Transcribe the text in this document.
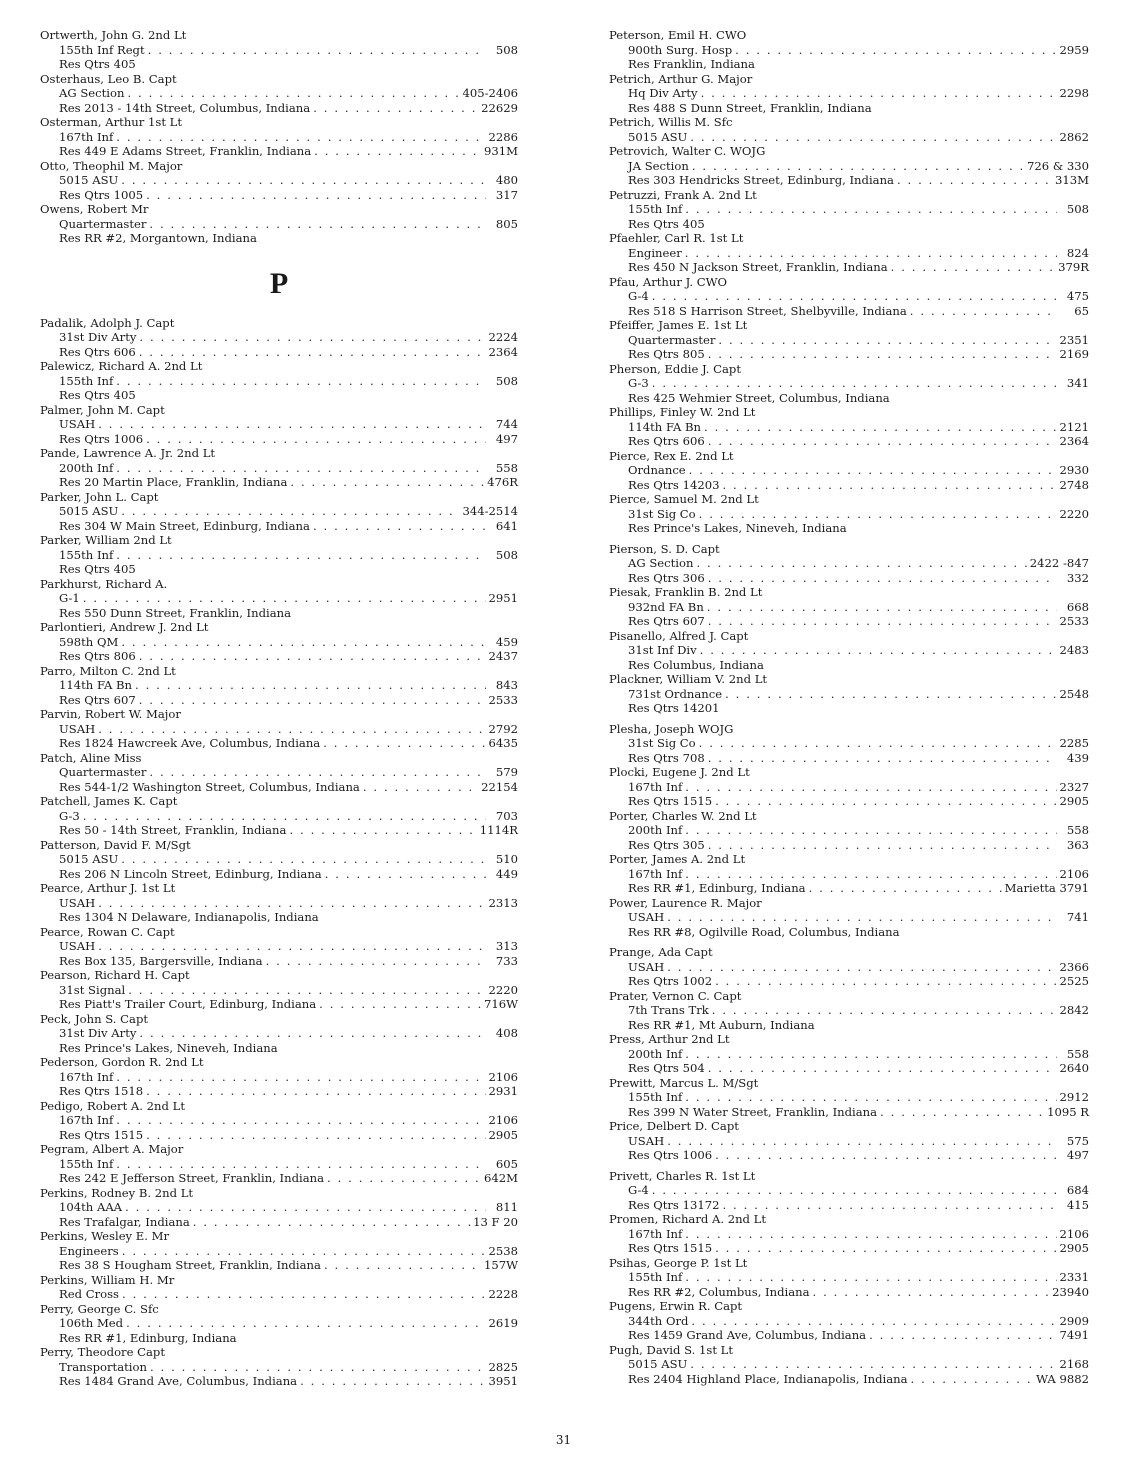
Ortwerth, John G. 2nd Lt
155th Inf Regt . . .	508
Res Qtrs 405
Osterhaus, Leo B. Capt
AG Section . . .	405-2406
Res 2013 - 14th Street, Columbus, Indiana . . .	22629
Osterman, Arthur 1st Lt
167th Inf . . .	2286
Res 449 E Adams Street, Franklin, Indiana . . .	931M
Otto, Theophil M. Major
5015 ASU . . .	480
Res Qtrs 1005 . . .	317
Owens, Robert Mr
Quartermaster . . .	805
Res RR #2, Morgantown, Indiana
P
Padalik, Adolph J. Capt
31st Div Arty . . .	2224
Res Qtrs 606 . . .	2364
Palewicz, Richard A. 2nd Lt
155th Inf . . .	508
Res Qtrs 405
Palmer, John M. Capt
USAH . . .	744
Res Qtrs 1006 . . .	497
Pande, Lawrence A. Jr. 2nd Lt
200th Inf . . .	558
Res 20 Martin Place, Franklin, Indiana . . .	476R
Parker, John L. Capt
5015 ASU . . .	344-2514
Res 304 W Main Street, Edinburg, Indiana . . .	641
Parker, William 2nd Lt
155th Inf . . .	508
Res Qtrs 405
Parkhurst, Richard A.
G-1 . . .	2951
Res 550 Dunn Street, Franklin, Indiana
Parlontieri, Andrew J. 2nd Lt
598th QM . . .	459
Res Qtrs 806 . . .	2437
Parro, Milton C. 2nd Lt
114th FA Bn . . .	843
Res Qtrs 607 . . .	2533
Parvin, Robert W. Major
USAH . . .	2792
Res 1824 Hawcreek Ave, Columbus, Indiana . . .	6435
Patch, Aline Miss
Quartermaster . . .	579
Res 544-1/2 Washington Street, Columbus, Indiana . . .	22154
Patchell, James K. Capt
G-3 . . .	703
Res 50 - 14th Street, Franklin, Indiana . . .	1114R
Patterson, David F. M/Sgt
5015 ASU . . .	510
Res 206 N Lincoln Street, Edinburg, Indiana . . .	449
Pearce, Arthur J. 1st Lt
USAH . . .	2313
Res 1304 N Delaware, Indianapolis, Indiana
Pearce, Rowan C. Capt
USAH . . .	313
Res Box 135, Bargersville, Indiana . . .	733
Pearson, Richard H. Capt
31st Signal . . .	2220
Res Piatt's Trailer Court, Edinburg, Indiana . . .	716W
Peck, John S. Capt
31st Div Arty . . .	408
Res Prince's Lakes, Nineveh, Indiana
Pederson, Gordon R. 2nd Lt
167th Inf . . .	2106
Res Qtrs 1518 . . .	2931
Pedigo, Robert A. 2nd Lt
167th Inf . . .	2106
Res Qtrs 1515 . . .	2905
Pegram, Albert A. Major
155th Inf . . .	605
Res 242 E Jefferson Street, Franklin, Indiana . . .	642M
Perkins, Rodney B. 2nd Lt
104th AAA . . .	811
Res Trafalgar, Indiana . . .	13 F 20
Perkins, Wesley E. Mr
Engineers . . .	2538
Res 38 S Hougham Street, Franklin, Indiana . . .	157W
Perkins, William H. Mr
Red Cross . . .	2228
Perry, George C. Sfc
106th Med . . .	2619
Res RR #1, Edinburg, Indiana
Perry, Theodore Capt
Transportation . . .	2825
Res 1484 Grand Ave, Columbus, Indiana . . .	3951
Peterson, Emil H. CWO
900th Surg. Hosp . . .	2959
Res Franklin, Indiana
Petrich, Arthur G. Major
Hq Div Arty . . .	2298
Res 488 S Dunn Street, Franklin, Indiana
Petrich, Willis M. Sfc
5015 ASU . . .	2862
Petrovich, Walter C. WOJG
JA Section . . .	726 & 330
Res 303 Hendricks Street, Edinburg, Indiana . . .	313M
Petruzzi, Frank A. 2nd Lt
155th Inf . . .	508
Res Qtrs 405
Pfaehler, Carl R. 1st Lt
Engineer . . .	824
Res 450 N Jackson Street, Franklin, Indiana . . .	379R
Pfau, Arthur J. CWO
G-4 . . .	475
Res 518 S Harrison Street, Shelbyville, Indiana . . .	65
Pfeiffer, James E. 1st Lt
Quartermaster . . .	2351
Res Qtrs 805 . . .	2169
Pherson, Eddie J. Capt
G-3 . . .	341
Res 425 Wehmier Street, Columbus, Indiana
Phillips, Finley W. 2nd Lt
114th FA Bn . . .	2121
Res Qtrs 606 . . .	2364
Pierce, Rex E. 2nd Lt
Ordnance . . .	2930
Res Qtrs 14203 . . .	2748
Pierce, Samuel M. 2nd Lt
31st Sig Co . . .	2220
Res Prince's Lakes, Nineveh, Indiana
Pierson, S. D. Capt
AG Section . . .	2422 -847
Res Qtrs 306 . . .	332
Piesak, Franklin B. 2nd Lt
932nd FA Bn . . .	668
Res Qtrs 607 . . .	2533
Pisanello, Alfred J. Capt
31st Inf Div . . .	2483
Res Columbus, Indiana
Plackner, William V. 2nd Lt
731st Ordnance . . .	2548
Res Qtrs 14201
Plesha, Joseph WOJG
31st Sig Co . . .	2285
Res Qtrs 708 . . .	439
Plocki, Eugene J. 2nd Lt
167th Inf . . .	2327
Res Qtrs 1515 . . .	2905
Porter, Charles W. 2nd Lt
200th Inf . . .	558
Res Qtrs 305 . . .	363
Porter, James A. 2nd Lt
167th Inf . . .	2106
Res RR #1, Edinburg, Indiana . . .	Marietta 3791
Power, Laurence R. Major
USAH . . .	741
Res RR #8, Ogilville Road, Columbus, Indiana
Prange, Ada Capt
USAH . . .	2366
Res Qtrs 1002 . . .	2525
Prater, Vernon C. Capt
7th Trans Trk . . .	2842
Res RR #1, Mt Auburn, Indiana
Press, Arthur 2nd Lt
200th Inf . . .	558
Res Qtrs 504 . . .	2640
Prewitt, Marcus L. M/Sgt
155th Inf . . .	2912
Res 399 N Water Street, Franklin, Indiana . . .	1095 R
Price, Delbert D. Capt
USAH . . .	575
Res Qtrs 1006 . . .	497
Privett, Charles R. 1st Lt
G-4 . . .	684
Res Qtrs 13172 . . .	415
Promen, Richard A. 2nd Lt
167th Inf . . .	2106
Res Qtrs 1515 . . .	2905
Psihas, George P. 1st Lt
155th Inf . . .	2331
Res RR #2, Columbus, Indiana . . .	23940
Pugens, Erwin R. Capt
344th Ord . . .	2909
Res 1459 Grand Ave, Columbus, Indiana . . .	7491
Pugh, David S. 1st Lt
5015 ASU . . .	2168
Res 2404 Highland Place, Indianapolis, Indiana . . .	WA 9882
31
